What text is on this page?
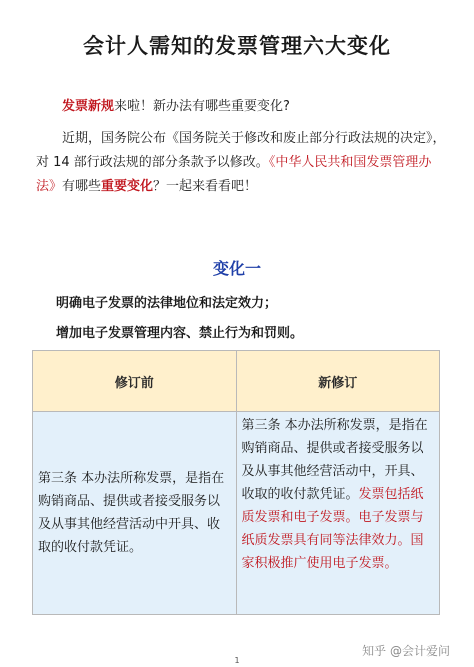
会计人需知的发票管理六大变化
发票新规来啦！新办法有哪些重要变化?
近期，国务院公布《国务院关于修改和废止部分行政法规的决定》，对 14 部行政法规的部分条款予以修改。《中华人民共和国发票管理办法》有哪些重要变化？一起来看看吧！
变化一
明确电子发票的法律地位和法定效力；
增加电子发票管理内容、禁止行为和罚则。
修订前	新修订
第三条 本办法所称发票，是指在购销商品、提供或者接受服务以及从事其他经营活动中开具、收取的收付款凭证。	第三条 本办法所称发票，是指在购销商品、提供或者接受服务以及从事其他经营活动中，开具、收取的收付款凭证。发票包括纸质发票和电子发票。电子发票与纸质发票具有同等法律效力。国家积极推广使用电子发票。
知乎 @会计爱问
1
